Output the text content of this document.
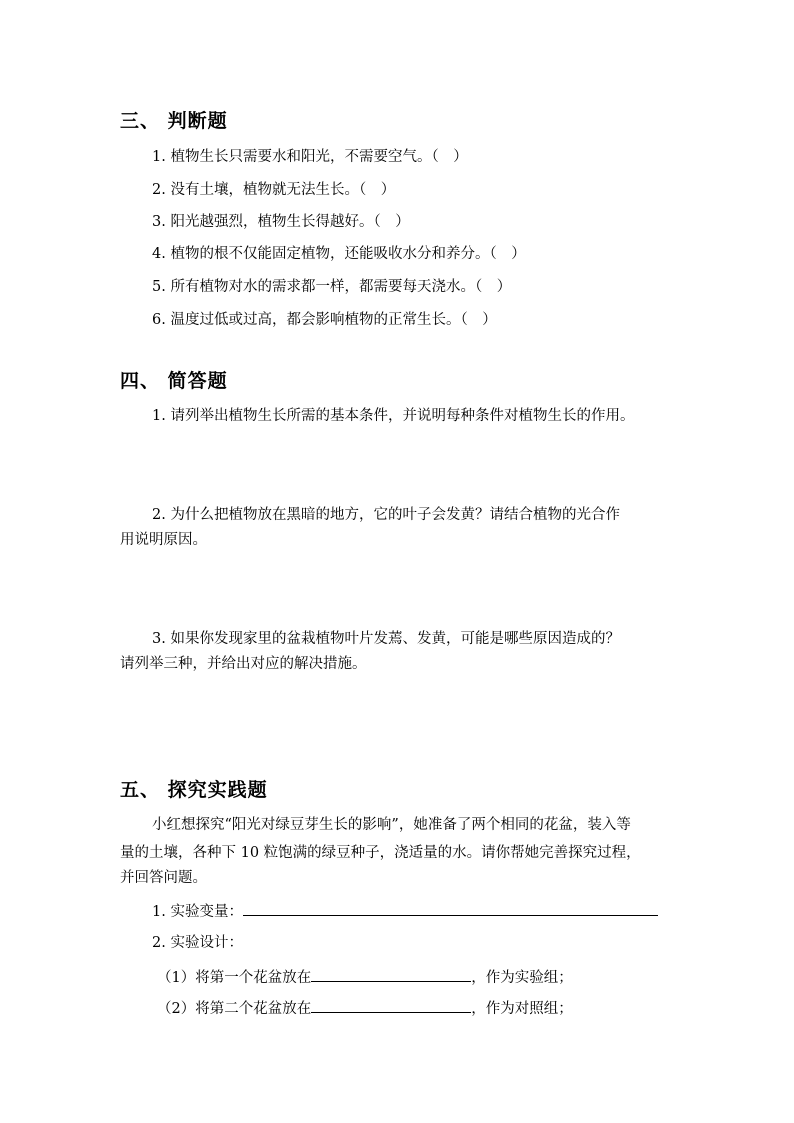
三、 判断题
1. 植物生长只需要水和阳光，不需要空气。（　）
2. 没有土壤，植物就无法生长。（　）
3. 阳光越强烈，植物生长得越好。（　）
4. 植物的根不仅能固定植物，还能吸收水分和养分。（　）
5. 所有植物对水的需求都一样，都需要每天浇水。（　）
6. 温度过低或过高，都会影响植物的正常生长。（　）
四、 简答题
1. 请列举出植物生长所需的基本条件，并说明每种条件对植物生长的作用。
2. 为什么把植物放在黑暗的地方，它的叶子会发黄？请结合植物的光合作
用说明原因。
3. 如果你发现家里的盆栽植物叶片发蔫、发黄，可能是哪些原因造成的？
请列举三种，并给出对应的解决措施。
五、 探究实践题
小红想探究“阳光对绿豆芽生长的影响”，她准备了两个相同的花盆，装入等
量的土壤，各种下 10 粒饱满的绿豆种子，浇适量的水。请你帮她完善探究过程，
并回答问题。
1. 实验变量：
2. 实验设计：
（1）将第一个花盆放在	，作为实验组；
（2）将第二个花盆放在	，作为对照组；
